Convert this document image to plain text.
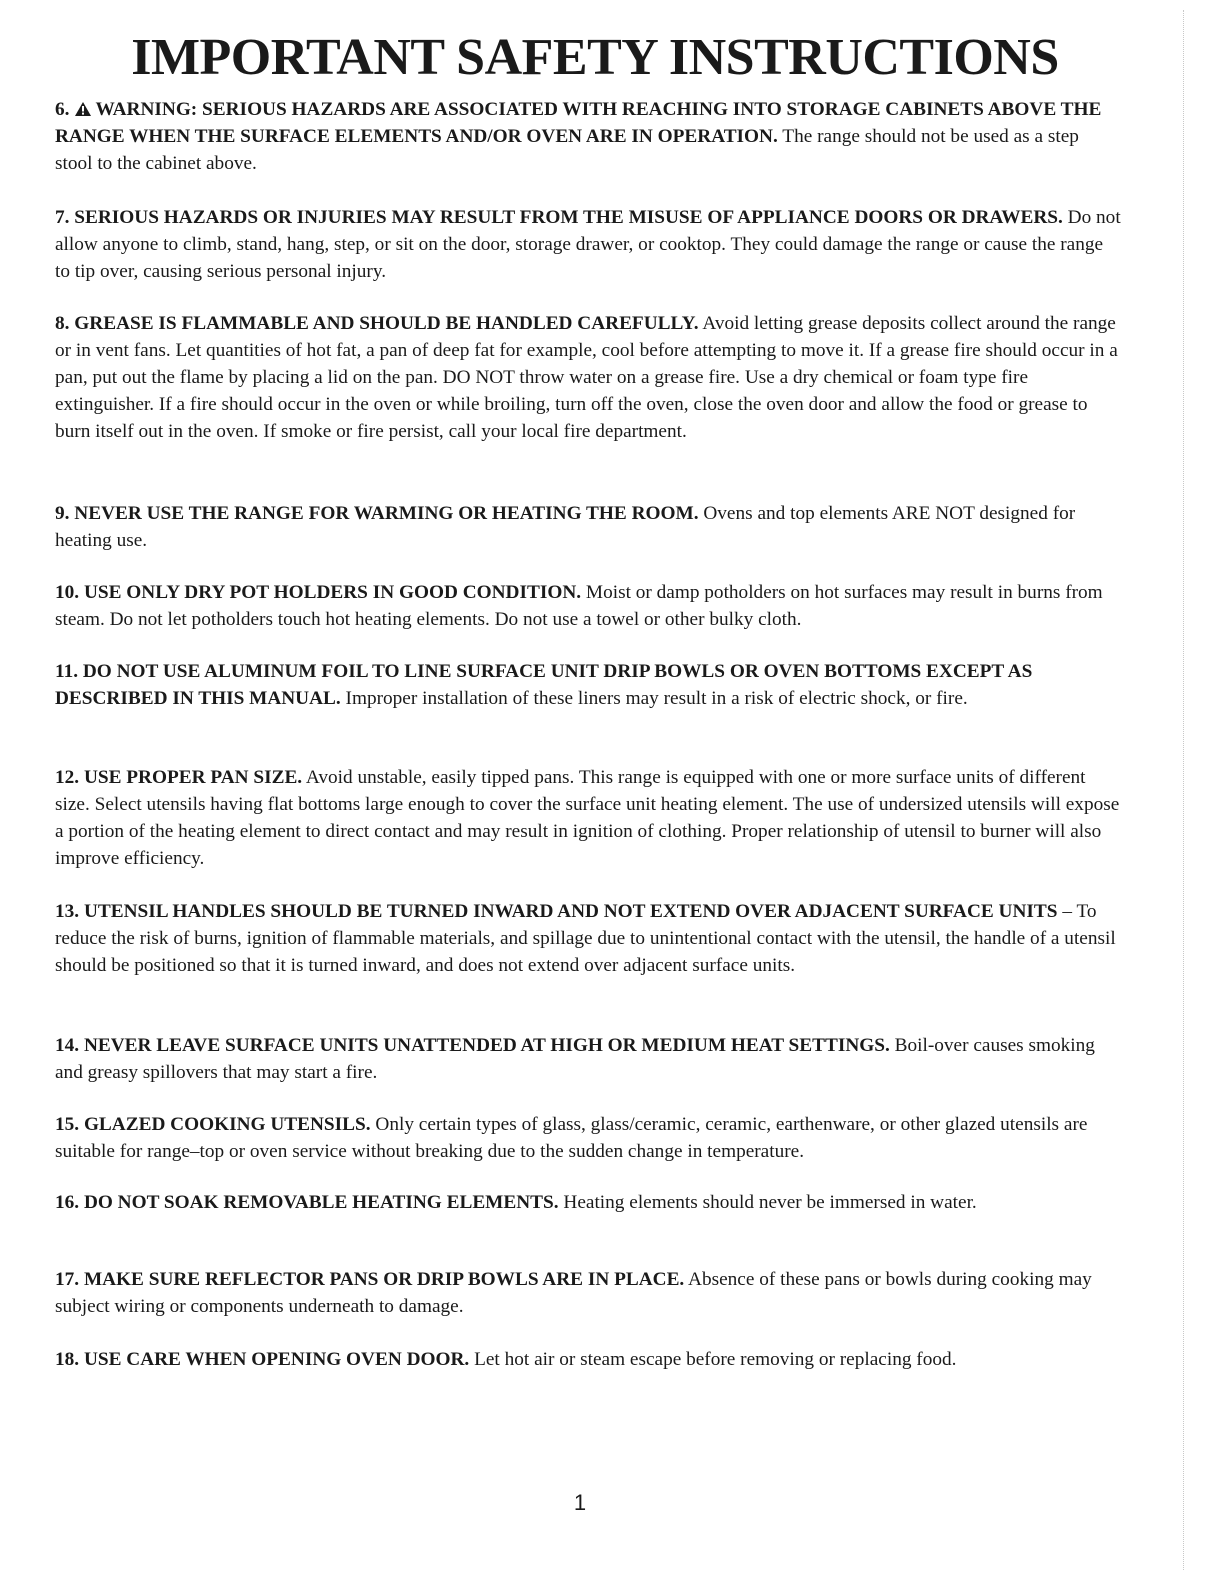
IMPORTANT SAFETY INSTRUCTIONS

6. WARNING: SERIOUS HAZARDS ARE ASSOCIATED WITH REACHING INTO STORAGE CABINETS ABOVE THE RANGE WHEN THE SURFACE ELEMENTS AND/OR OVEN ARE IN OPERATION. The range should not be used as a step stool to the cabinet above.

7. SERIOUS HAZARDS OR INJURIES MAY RESULT FROM THE MISUSE OF APPLIANCE DOORS OR DRAWERS. Do not allow anyone to climb, stand, hang, step, or sit on the door, storage drawer, or cooktop. They could damage the range or cause the range to tip over, causing serious personal injury.

8. GREASE IS FLAMMABLE AND SHOULD BE HANDLED CAREFULLY. Avoid letting grease deposits collect around the range or in vent fans. Let quantities of hot fat, a pan of deep fat for example, cool before attempting to move it. If a grease fire should occur in a pan, put out the flame by placing a lid on the pan. DO NOT throw water on a grease fire. Use a dry chemical or foam type fire extinguisher. If a fire should occur in the oven or while broiling, turn off the oven, close the oven door and allow the food or grease to burn itself out in the oven. If smoke or fire persist, call your local fire department.

9. NEVER USE THE RANGE FOR WARMING OR HEATING THE ROOM. Ovens and top elements ARE NOT designed for heating use.

10. USE ONLY DRY POT HOLDERS IN GOOD CONDITION. Moist or damp potholders on hot surfaces may result in burns from steam. Do not let potholders touch hot heating elements. Do not use a towel or other bulky cloth.

11. DO NOT USE ALUMINUM FOIL TO LINE SURFACE UNIT DRIP BOWLS OR OVEN BOTTOMS EXCEPT AS DESCRIBED IN THIS MANUAL. Improper installation of these liners may result in a risk of electric shock, or fire.

12. USE PROPER PAN SIZE. Avoid unstable, easily tipped pans. This range is equipped with one or more surface units of different size. Select utensils having flat bottoms large enough to cover the surface unit heating element. The use of undersized utensils will expose a portion of the heating element to direct contact and may result in ignition of clothing. Proper relationship of utensil to burner will also improve efficiency.

13. UTENSIL HANDLES SHOULD BE TURNED INWARD AND NOT EXTEND OVER ADJACENT SURFACE UNITS – To reduce the risk of burns, ignition of flammable materials, and spillage due to unintentional contact with the utensil, the handle of a utensil should be positioned so that it is turned inward, and does not extend over adjacent surface units.

14. NEVER LEAVE SURFACE UNITS UNATTENDED AT HIGH OR MEDIUM HEAT SETTINGS. Boil-over causes smoking and greasy spillovers that may start a fire.

15. GLAZED COOKING UTENSILS. Only certain types of glass, glass/ceramic, ceramic, earthenware, or other glazed utensils are suitable for range–top or oven service without breaking due to the sudden change in temperature.

16. DO NOT SOAK REMOVABLE HEATING ELEMENTS. Heating elements should never be immersed in water.

17. MAKE SURE REFLECTOR PANS OR DRIP BOWLS ARE IN PLACE. Absence of these pans or bowls during cooking may subject wiring or components underneath to damage.

18. USE CARE WHEN OPENING OVEN DOOR. Let hot air or steam escape before removing or replacing food.

1
